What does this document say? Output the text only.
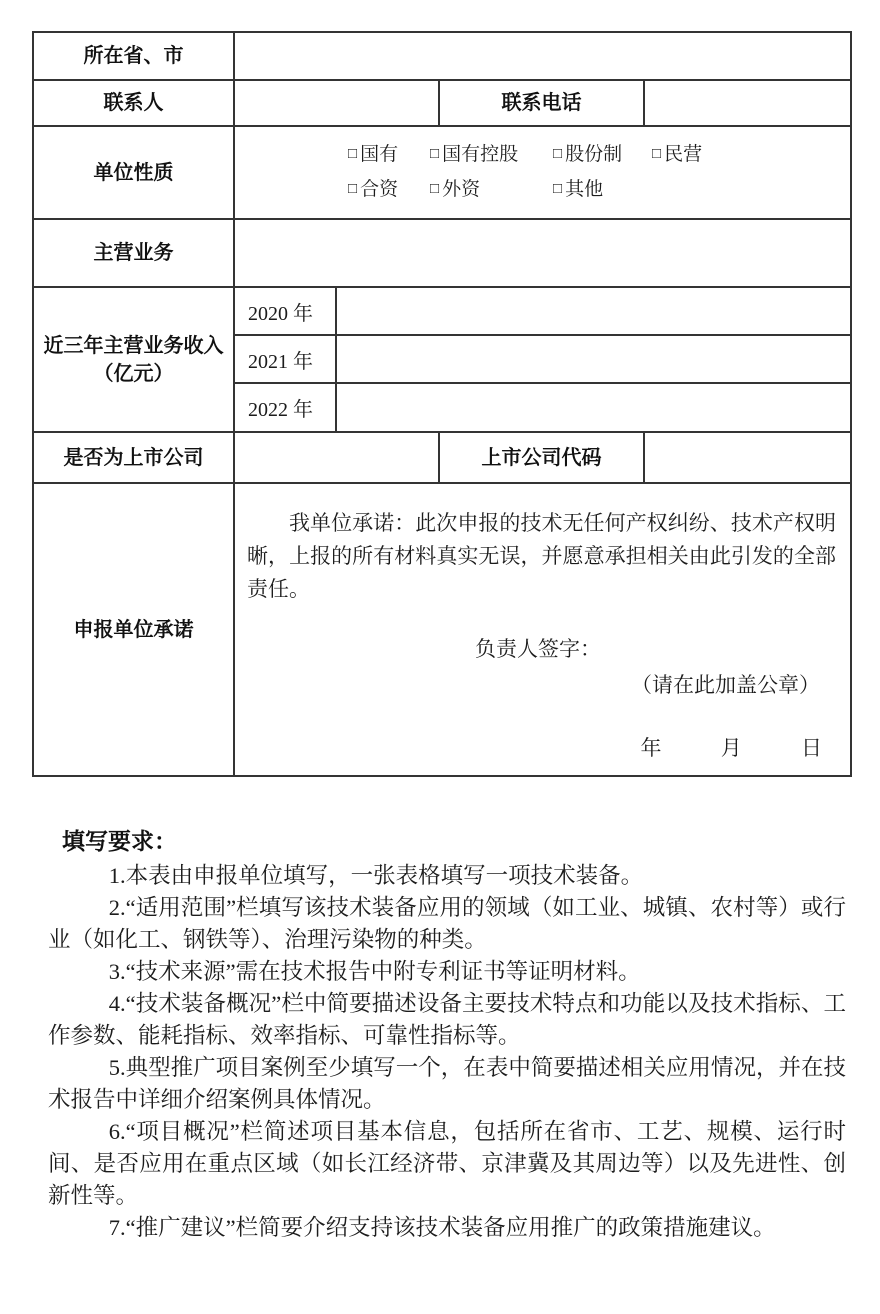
所在省、市				
联系人			联系电话	
单位性质	
□ 国有 □ 国有控股 □ 股份制 □ 民营
□ 合资 □ 外资	□ 其他

主营业务				
近三年主营业务收入（亿元）	2020 年			
	2021 年			
	2022 年			
是否为上市公司			上市公司代码	
申报单位承诺	我单位承诺：此次申报的技术无任何产权纠纷、技术产权明晰，上报的所有材料真实无误，并愿意承担相关由此引发的全部责任。
负责人签字：
（请在此加盖公章）
年 月 日			
填写要求：

1.本表由申报单位填写，一张表格填写一项技术装备。

2.“适用范围”栏填写该技术装备应用的领域（如工业、城镇、农村等）或行业（如化工、钢铁等）、治理污染物的种类。

3.“技术来源”需在技术报告中附专利证书等证明材料。

4.“技术装备概况”栏中简要描述设备主要技术特点和功能以及技术指标、工作参数、能耗指标、效率指标、可靠性指标等。

5.典型推广项目案例至少填写一个，在表中简要描述相关应用情况，并在技术报告中详细介绍案例具体情况。

6.“项目概况”栏简述项目基本信息，包括所在省市、工艺、规模、运行时间、是否应用在重点区域（如长江经济带、京津冀及其周边等）以及先进性、创新性等。

7.“推广建议”栏简要介绍支持该技术装备应用推广的政策措施建议。
